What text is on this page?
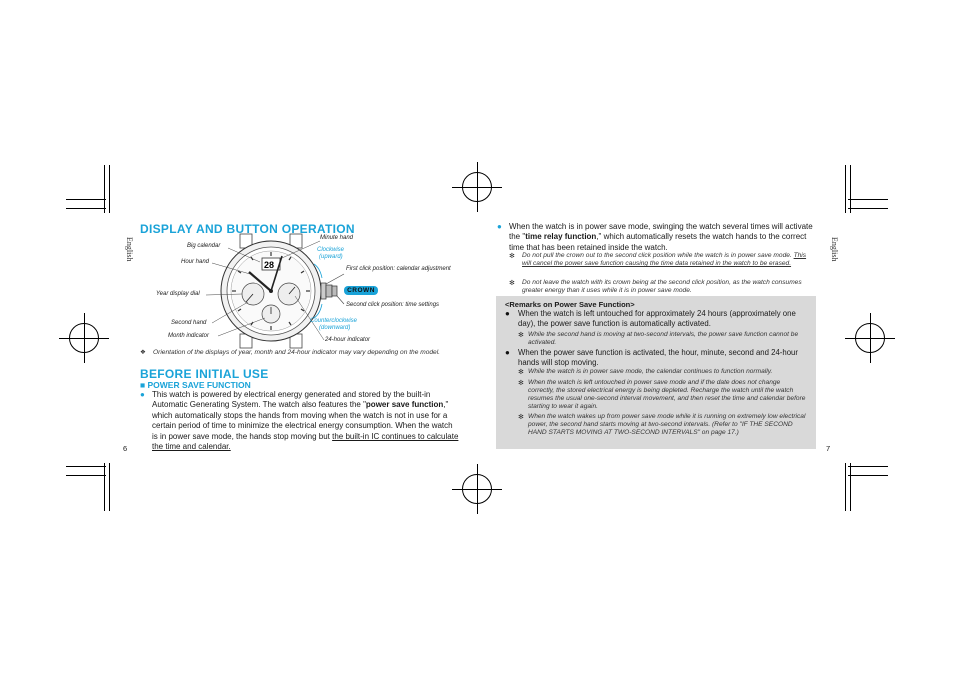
English
DISPLAY AND BUTTON OPERATION
28
Minute hand
Big calendar
Hour hand
Year display dial
Second hand
Month indicator
24-hour indicator
Clockwise
(upward)
Counterclockwise
(downward)
First click position: calendar adjustment
Second click position: time settings
CROWN
❖	Orientation of the displays of year, month and 24-hour indicator may vary depending on the model.
BEFORE INITIAL USE
■ POWER SAVE FUNCTION
● This watch is powered by electrical energy generated and stored by the built-in Automatic Generating System. The watch also features the "power save function," which automatically stops the hands from moving when the watch is not in use for a certain period of time to minimize the electrical energy consumption. When the watch is in power save mode, the hands stop moving but the built-in IC continues to calculate the time and calendar.
6
English
● When the watch is in power save mode, swinging the watch several times will activate the "time relay function," which automatically resets the watch hands to the correct time that has been retained inside the watch.
✻ Do not pull the crown out to the second click position while the watch is in power save mode. This will cancel the power save function causing the time data retained in the watch to be erased.
✻ Do not leave the watch with its crown being at the second click position, as the watch consumes greater energy than it uses while it is in power save mode.
<Remarks on Power Save Function>
● When the watch is left untouched for approximately 24 hours (approximately one day), the power save function is automatically activated.
✻ While the second hand is moving at two-second intervals, the power save function cannot be activated.
● When the power save function is activated, the hour, minute, second and 24-hour hands will stop moving.
✻ While the watch is in power save mode, the calendar continues to function normally.
✻ When the watch is left untouched in power save mode and if the date does not change correctly, the stored electrical energy is being depleted. Recharge the watch until the watch resumes the usual one-second interval movement, and then reset the time and calendar before starting to wear it again.
✻ When the watch wakes up from power save mode while it is running on extremely low electrical power, the second hand starts moving at two-second intervals. (Refer to "IF THE SECOND HAND STARTS MOVING AT TWO-SECOND INTERVALS" on page 17.)
7
